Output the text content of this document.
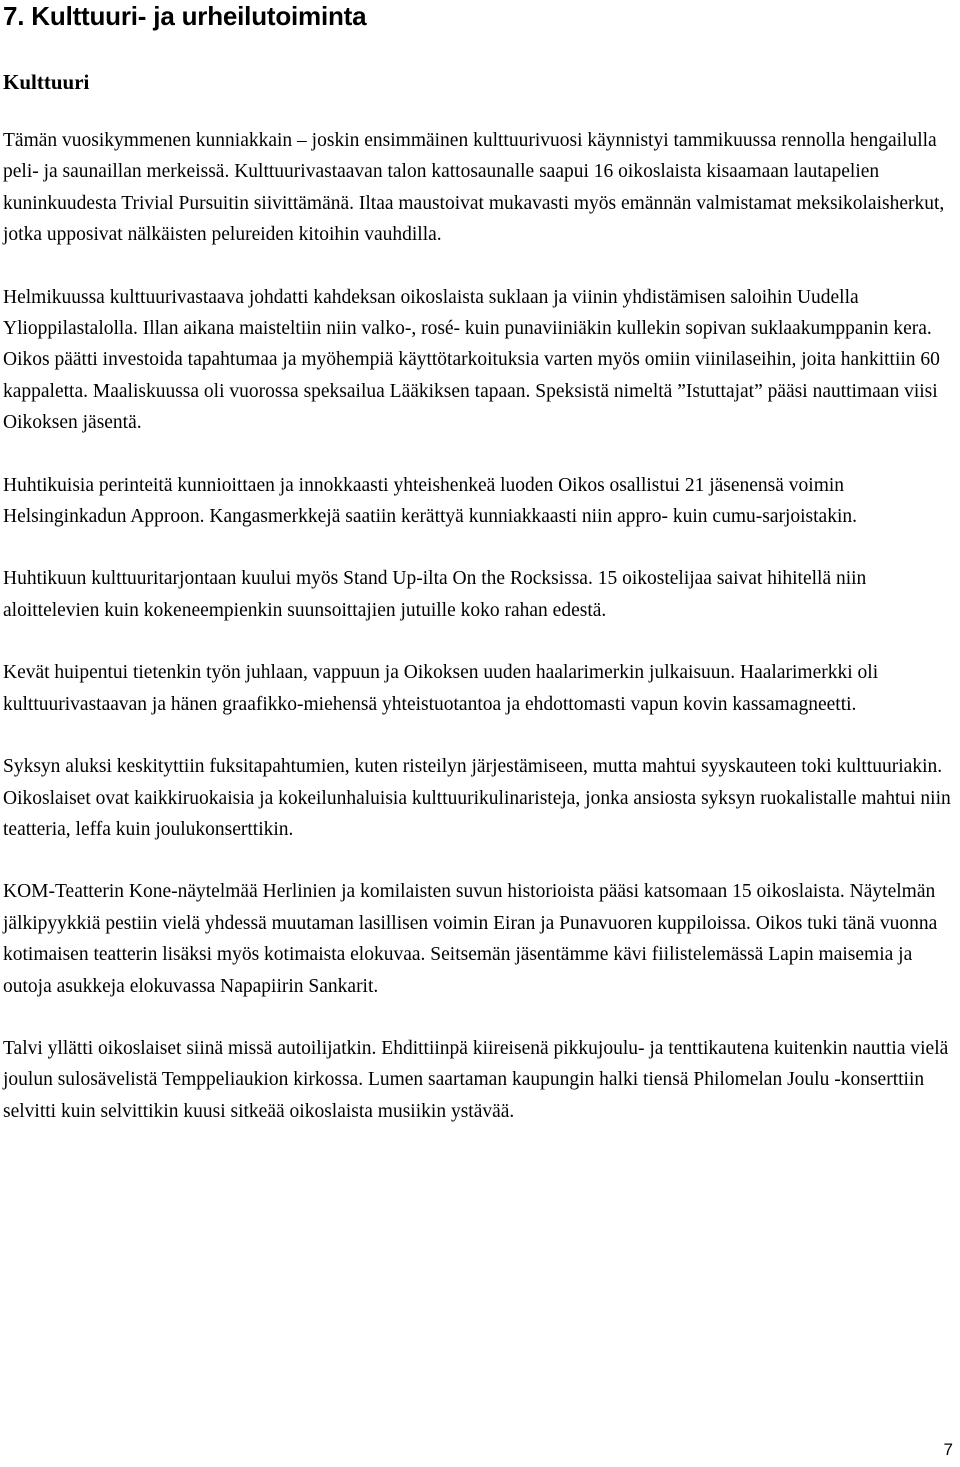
7. Kulttuuri- ja urheilutoiminta
Kulttuuri

Tämän vuosikymmenen kunniakkain – joskin ensimmäinen kulttuurivuosi käynnistyi tammikuussa rennolla hengailulla peli- ja saunaillan merkeissä. Kulttuurivastaavan talon kattosaunalle saapui 16 oikoslaista kisaamaan lautapelien kuninkuudesta Trivial Pursuitin siivittämänä. Iltaa maustoivat mukavasti myös emännän valmistamat meksikolaisherkut, jotka upposivat nälkäisten pelureiden kitoihin vauhdilla.

Helmikuussa kulttuurivastaava johdatti kahdeksan oikoslaista suklaan ja viinin yhdistämisen saloihin Uudella Ylioppilastalolla. Illan aikana maisteltiin niin valko-, rosé- kuin punaviiniäkin kullekin sopivan suklaakumppanin kera. Oikos päätti investoida tapahtumaa ja myöhempiä käyttötarkoituksia varten myös omiin viinilaseihin, joita hankittiin 60 kappaletta. Maaliskuussa oli vuorossa speksailua Lääkiksen tapaan. Speksistä nimeltä ”Istuttajat” pääsi nauttimaan viisi Oikoksen jäsentä.

Huhtikuisia perinteitä kunnioittaen ja innokkaasti yhteishenkeä luoden Oikos osallistui 21 jäsenensä voimin Helsinginkadun Approon. Kangasmerkkejä saatiin kerättyä kunniakkaasti niin appro- kuin cumu-sarjoistakin.

Huhtikuun kulttuuritarjontaan kuului myös Stand Up-ilta On the Rocksissa. 15 oikostelijaa saivat hihitellä niin aloittelevien kuin kokeneempienkin suunsoittajien jutuille koko rahan edestä.

Kevät huipentui tietenkin työn juhlaan, vappuun ja Oikoksen uuden haalarimerkin julkaisuun. Haalarimerkki oli kulttuurivastaavan ja hänen graafikko-miehensä yhteistuotantoa ja ehdottomasti vapun kovin kassamagneetti.

Syksyn aluksi keskityttiin fuksitapahtumien, kuten risteilyn järjestämiseen, mutta mahtui syyskauteen toki kulttuuriakin. Oikoslaiset ovat kaikkiruokaisia ja kokeilunhaluisia kulttuurikulinaristeja, jonka ansiosta syksyn ruokalistalle mahtui niin teatteria, leffa kuin joulukonserttikin.

KOM-Teatterin Kone-näytelmää Herlinien ja komilaisten suvun historioista pääsi katsomaan 15 oikoslaista. Näytelmän jälkipyykkiä pestiin vielä yhdessä muutaman lasillisen voimin Eiran ja Punavuoren kuppiloissa. Oikos tuki tänä vuonna kotimaisen teatterin lisäksi myös kotimaista elokuvaa. Seitsemän jäsentämme kävi fiilistelemässä Lapin maisemia ja outoja asukkeja elokuvassa Napapiirin Sankarit.

Talvi yllätti oikoslaiset siinä missä autoilijatkin. Ehdittiinpä kiireisenä pikkujoulu- ja tenttikautena kuitenkin nauttia vielä joulun sulosävelistä Temppeliaukion kirkossa. Lumen saartaman kaupungin halki tiensä Philomelan Joulu -konserttiin selvitti kuin selvittikin kuusi sitkeää oikoslaista musiikin ystävää.

7
